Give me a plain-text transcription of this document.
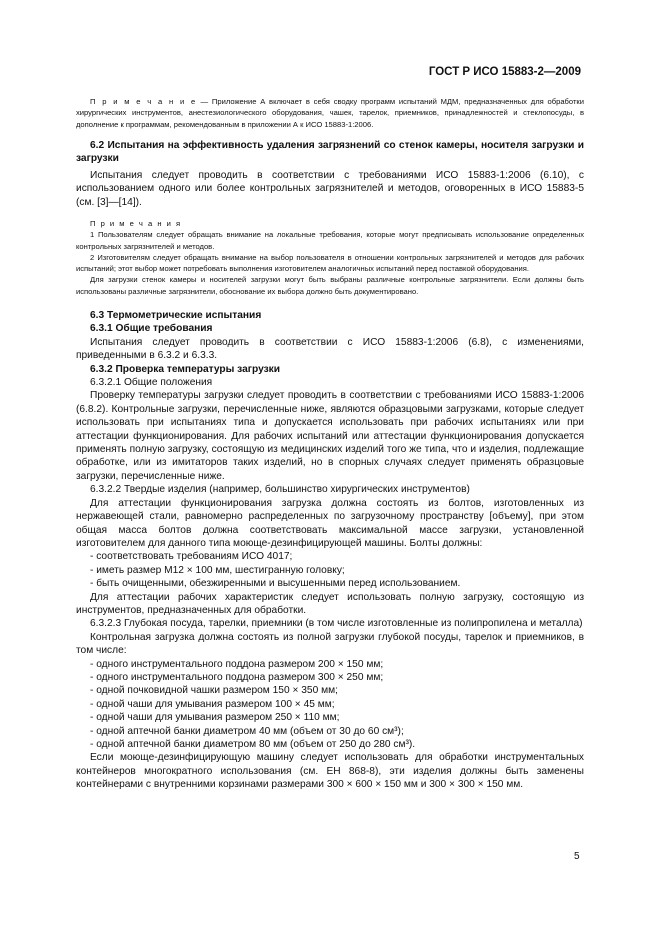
ГОСТ Р ИСО 15883-2—2009
П р и м е ч а н и е — Приложение А включает в себя сводку программ испытаний МДМ, предназначенных для обработки хирургических инструментов, анестезиологического оборудования, чашек, тарелок, приемников, принадлежностей и стеклопосуды, в дополнение к программам, рекомендованным в приложении А к ИСО 15883-1:2006.
6.2 Испытания на эффективность удаления загрязнений со стенок камеры, носителя загрузки и загрузки
Испытания следует проводить в соответствии с требованиями ИСО 15883-1:2006 (6.10), с использованием одного или более контрольных загрязнителей и методов, оговоренных в ИСО 15883-5 (см. [3]—[14]).
П р и м е ч а н и я
1 Пользователям следует обращать внимание на локальные требования, которые могут предписывать использование определенных контрольных загрязнителей и методов.
2 Изготовителям следует обращать внимание на выбор пользователя в отношении контрольных загрязнителей и методов для рабочих испытаний; этот выбор может потребовать выполнения изготовителем аналогичных испытаний перед поставкой оборудования.
Для загрузки стенок камеры и носителей загрузки могут быть выбраны различные контрольные загрязнители. Если должны быть использованы различные загрязнители, обоснование их выбора должно быть документировано.
6.3 Термометрические испытания
6.3.1 Общие требования
Испытания следует проводить в соответствии с ИСО 15883-1:2006 (6.8), с изменениями, приведенными в 6.3.2 и 6.3.3.
6.3.2 Проверка температуры загрузки
6.3.2.1 Общие положения
Проверку температуры загрузки следует проводить в соответствии с требованиями ИСО 15883-1:2006 (6.8.2). Контрольные загрузки, перечисленные ниже, являются образцовыми загрузками, которые следует использовать при испытаниях типа и допускается использовать при рабочих испытаниях или при аттестации функционирования. Для рабочих испытаний или аттестации функционирования допускается применять полную загрузку, состоящую из медицинских изделий того же типа, что и изделия, подлежащие обработке, или из имитаторов таких изделий, но в спорных случаях следует применять образцовые загрузки, перечисленные ниже.
6.3.2.2 Твердые изделия (например, большинство хирургических инструментов)
Для аттестации функционирования загрузка должна состоять из болтов, изготовленных из нержавеющей стали, равномерно распределенных по загрузочному пространству [объему], при этом общая масса болтов должна соответствовать максимальной массе загрузки, установленной изготовителем для данного типа моюще-дезинфицирующей машины. Болты должны:
- соответствовать требованиям ИСО 4017;
- иметь размер М12 × 100 мм, шестигранную головку;
- быть очищенными, обезжиренными и высушенными перед использованием.
Для аттестации рабочих характеристик следует использовать полную загрузку, состоящую из инструментов, предназначенных для обработки.
6.3.2.3 Глубокая посуда, тарелки, приемники (в том числе изготовленные из полипропилена и металла)
Контрольная загрузка должна состоять из полной загрузки глубокой посуды, тарелок и приемников, в том числе:
- одного инструментального поддона размером 200 × 150 мм;
- одного инструментального поддона размером 300 × 250 мм;
- одной почковидной чашки размером 150 × 350 мм;
- одной чаши для умывания размером 100 × 45 мм;
- одной чаши для умывания размером 250 × 110 мм;
- одной аптечной банки диаметром 40 мм (объем от 30 до 60 см³);
- одной аптечной банки диаметром 80 мм (объем от 250 до 280 см³).
Если моюще-дезинфицирующую машину следует использовать для обработки инструментальных контейнеров многократного использования (см. ЕН 868-8), эти изделия должны быть заменены контейнерами с внутренними корзинами размерами 300 × 600 × 150 мм и 300 × 300 × 150 мм.
5
